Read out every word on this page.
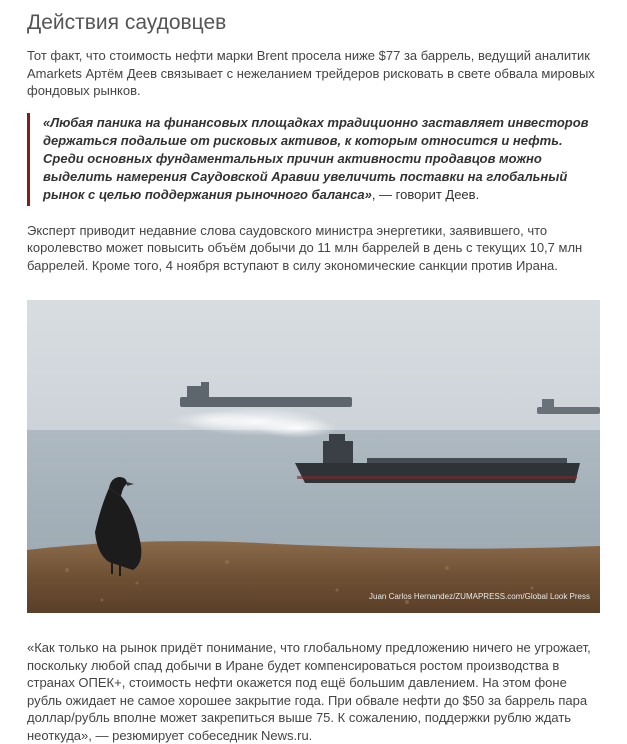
Действия саудовцев

Тот факт, что стоимость нефти марки Brent просела ниже $77 за баррель, ведущий аналитик Amarkets Артём Деев связывает с нежеланием трейдеров рисковать в свете обвала мировых фондовых рынков.

«Любая паника на финансовых площадках традиционно заставляет инвесторов держаться подальше от рисковых активов, к которым относится и нефть. Среди основных фундаментальных причин активности продавцов можно выделить намерения Саудовской Аравии увеличить поставки на глобальный рынок с целью поддержания рыночного баланса», — говорит Деев.

Эксперт приводит недавние слова саудовского министра энергетики, заявившего, что королевство может повысить объём добычи до 11 млн баррелей в день с текущих 10,7 млн баррелей. Кроме того, 4 ноября вступают в силу экономические санкции против Ирана.

Juan Carlos Hernandez/ZUMAPRESS.com/Global Look Press

«Как только на рынок придёт понимание, что глобальному предложению ничего не угрожает, поскольку любой спад добычи в Иране будет компенсироваться ростом производства в странах ОПЕК+, стоимость нефти окажется под ещё большим давлением. На этом фоне рубль ожидает не самое хорошее закрытие года. При обвале нефти до $50 за баррель пара доллар/рубль вполне может закрепиться выше 75. К сожалению, поддержки рублю ждать неоткуда», — резюмирует собеседник News.ru.
